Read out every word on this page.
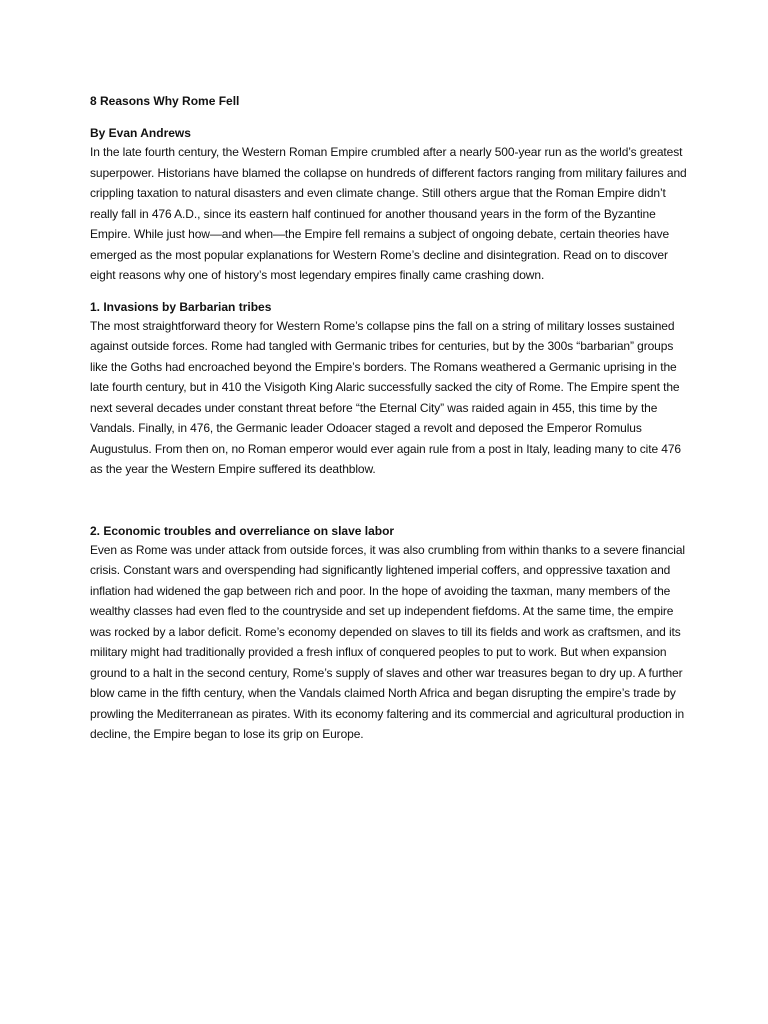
8 Reasons Why Rome Fell

By Evan Andrews

In the late fourth century, the Western Roman Empire crumbled after a nearly 500-year run as the world’s greatest superpower. Historians have blamed the collapse on hundreds of different factors ranging from military failures and crippling taxation to natural disasters and even climate change. Still others argue that the Roman Empire didn’t really fall in 476 A.D., since its eastern half continued for another thousand years in the form of the Byzantine Empire. While just how—and when—the Empire fell remains a subject of ongoing debate, certain theories have emerged as the most popular explanations for Western Rome’s decline and disintegration. Read on to discover eight reasons why one of history’s most legendary empires finally came crashing down.

1. Invasions by Barbarian tribes

The most straightforward theory for Western Rome’s collapse pins the fall on a string of military losses sustained against outside forces. Rome had tangled with Germanic tribes for centuries, but by the 300s “barbarian” groups like the Goths had encroached beyond the Empire’s borders. The Romans weathered a Germanic uprising in the late fourth century, but in 410 the Visigoth King Alaric successfully sacked the city of Rome. The Empire spent the next several decades under constant threat before “the Eternal City” was raided again in 455, this time by the Vandals. Finally, in 476, the Germanic leader Odoacer staged a revolt and deposed the Emperor Romulus Augustulus. From then on, no Roman emperor would ever again rule from a post in Italy, leading many to cite 476 as the year the Western Empire suffered its deathblow.

2. Economic troubles and overreliance on slave labor

Even as Rome was under attack from outside forces, it was also crumbling from within thanks to a severe financial crisis. Constant wars and overspending had significantly lightened imperial coffers, and oppressive taxation and inflation had widened the gap between rich and poor. In the hope of avoiding the taxman, many members of the wealthy classes had even fled to the countryside and set up independent fiefdoms. At the same time, the empire was rocked by a labor deficit. Rome’s economy depended on slaves to till its fields and work as craftsmen, and its military might had traditionally provided a fresh influx of conquered peoples to put to work. But when expansion ground to a halt in the second century, Rome’s supply of slaves and other war treasures began to dry up. A further blow came in the fifth century, when the Vandals claimed North Africa and began disrupting the empire’s trade by prowling the Mediterranean as pirates. With its economy faltering and its commercial and agricultural production in decline, the Empire began to lose its grip on Europe.
